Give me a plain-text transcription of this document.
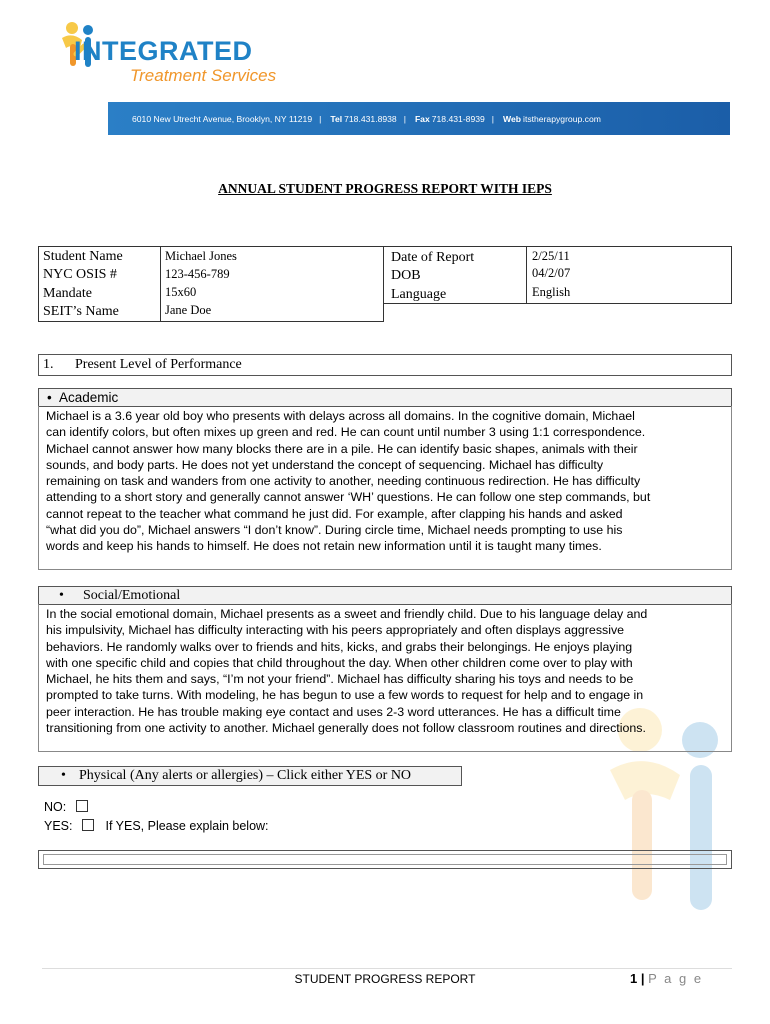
INTEGRATED
Treatment Services
6010 New Utrecht Avenue, Brooklyn, NY 11219 | Tel 718.431.8938 | Fax 718.431-8939 | Web itstherapygroup.com
ANNUAL STUDENT PROGRESS REPORT WITH IEPS
Student Name
NYC OSIS #
Mandate
SEIT’s Name
Michael Jones
123-456-789
15x60
Jane Doe
Date of Report
DOB
Language
2/25/11
04/2/07
English
1. Present Level of Performance
• Academic
Michael is a 3.6 year old boy who presents with delays across all domains. In the cognitive domain, Michael
can identify colors, but often mixes up green and red. He can count until number 3 using 1:1 correspondence.
Michael cannot answer how many blocks there are in a pile. He can identify basic shapes, animals with their
sounds, and body parts. He does not yet understand the concept of sequencing. Michael has difficulty
remaining on task and wanders from one activity to another, needing continuous redirection. He has difficulty
attending to a short story and generally cannot answer ‘WH’ questions. He can follow one step commands, but
cannot repeat to the teacher what command he just did. For example, after clapping his hands and asked
“what did you do”, Michael answers “I don’t know”. During circle time, Michael needs prompting to use his
words and keep his hands to himself. He does not retain new information until it is taught many times.
• Social/Emotional
In the social emotional domain, Michael presents as a sweet and friendly child. Due to his language delay and
his impulsivity, Michael has difficulty interacting with his peers appropriately and often displays aggressive
behaviors. He randomly walks over to friends and hits, kicks, and grabs their belongings. He enjoys playing
with one specific child and copies that child throughout the day. When other children come over to play with
Michael, he hits them and says, “I’m not your friend”. Michael has difficulty sharing his toys and needs to be
prompted to take turns. With modeling, he has begun to use a few words to request for help and to engage in
peer interaction. He has trouble making eye contact and uses 2-3 word utterances. He has a difficult time
transitioning from one activity to another. Michael generally does not follow classroom routines and directions.
• Physical (Any alerts or allergies) – Click either YES or NO
NO:
YES:	If YES, Please explain below:
STUDENT PROGRESS REPORT	1 | P a g e
